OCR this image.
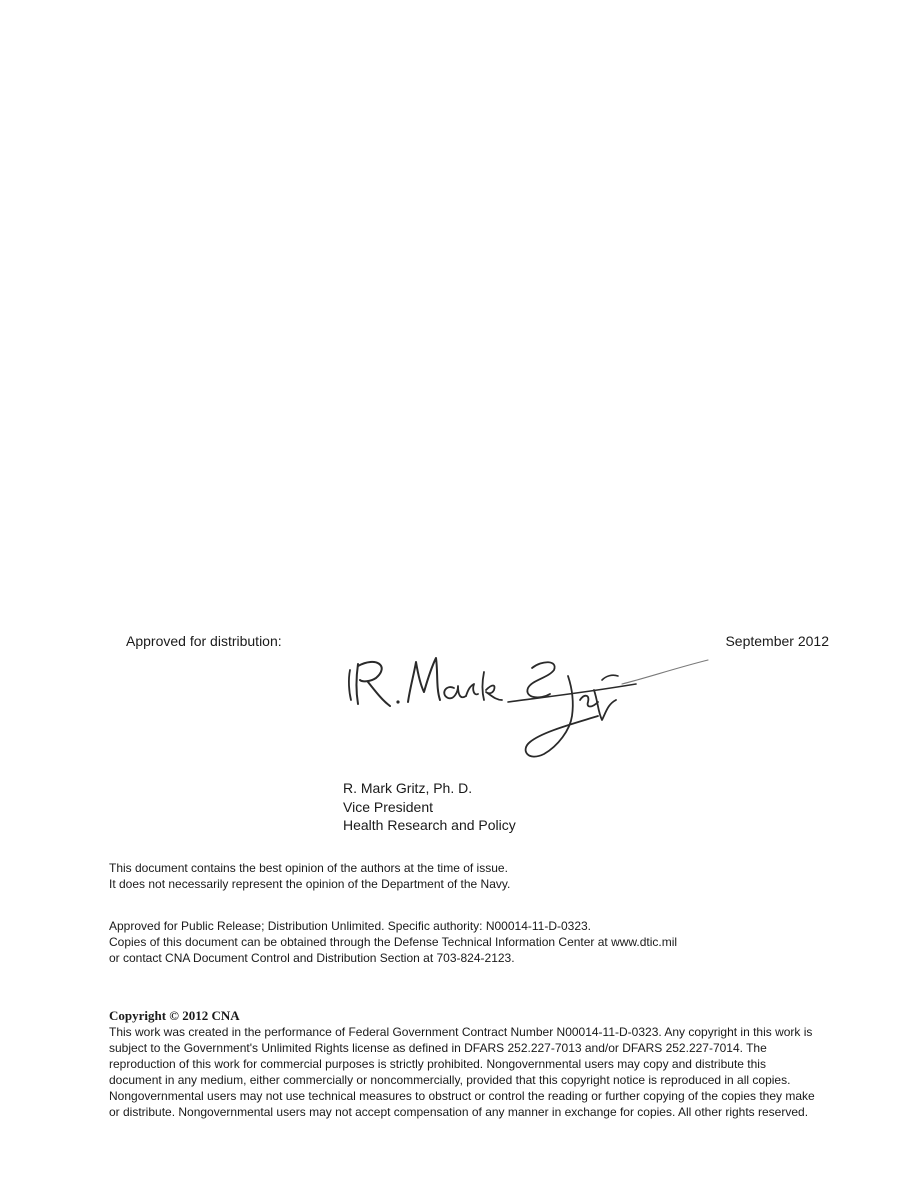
Approved for distribution:	September 2012
R. Mark Gritz, Ph. D.
Vice President
Health Research and Policy
This document contains the best opinion of the authors at the time of issue.
It does not necessarily represent the opinion of the Department of the Navy.
Approved for Public Release; Distribution Unlimited. Specific authority: N00014-11-D-0323.
Copies of this document can be obtained through the Defense Technical Information Center at www.dtic.mil
or contact CNA Document Control and Distribution Section at 703-824-2123.
Copyright © 2012 CNA
This work was created in the performance of Federal Government Contract Number N00014-11-D-0323. Any copyright in this work is subject to the Government's Unlimited Rights license as defined in DFARS 252.227-7013 and/or DFARS 252.227-7014. The reproduction of this work for commercial purposes is strictly prohibited. Nongovernmental users may copy and distribute this document in any medium, either commercially or noncommercially, provided that this copyright notice is reproduced in all copies. Nongovernmental users may not use technical measures to obstruct or control the reading or further copying of the copies they make or distribute. Nongovernmental users may not accept compensation of any manner in exchange for copies. All other rights reserved.
